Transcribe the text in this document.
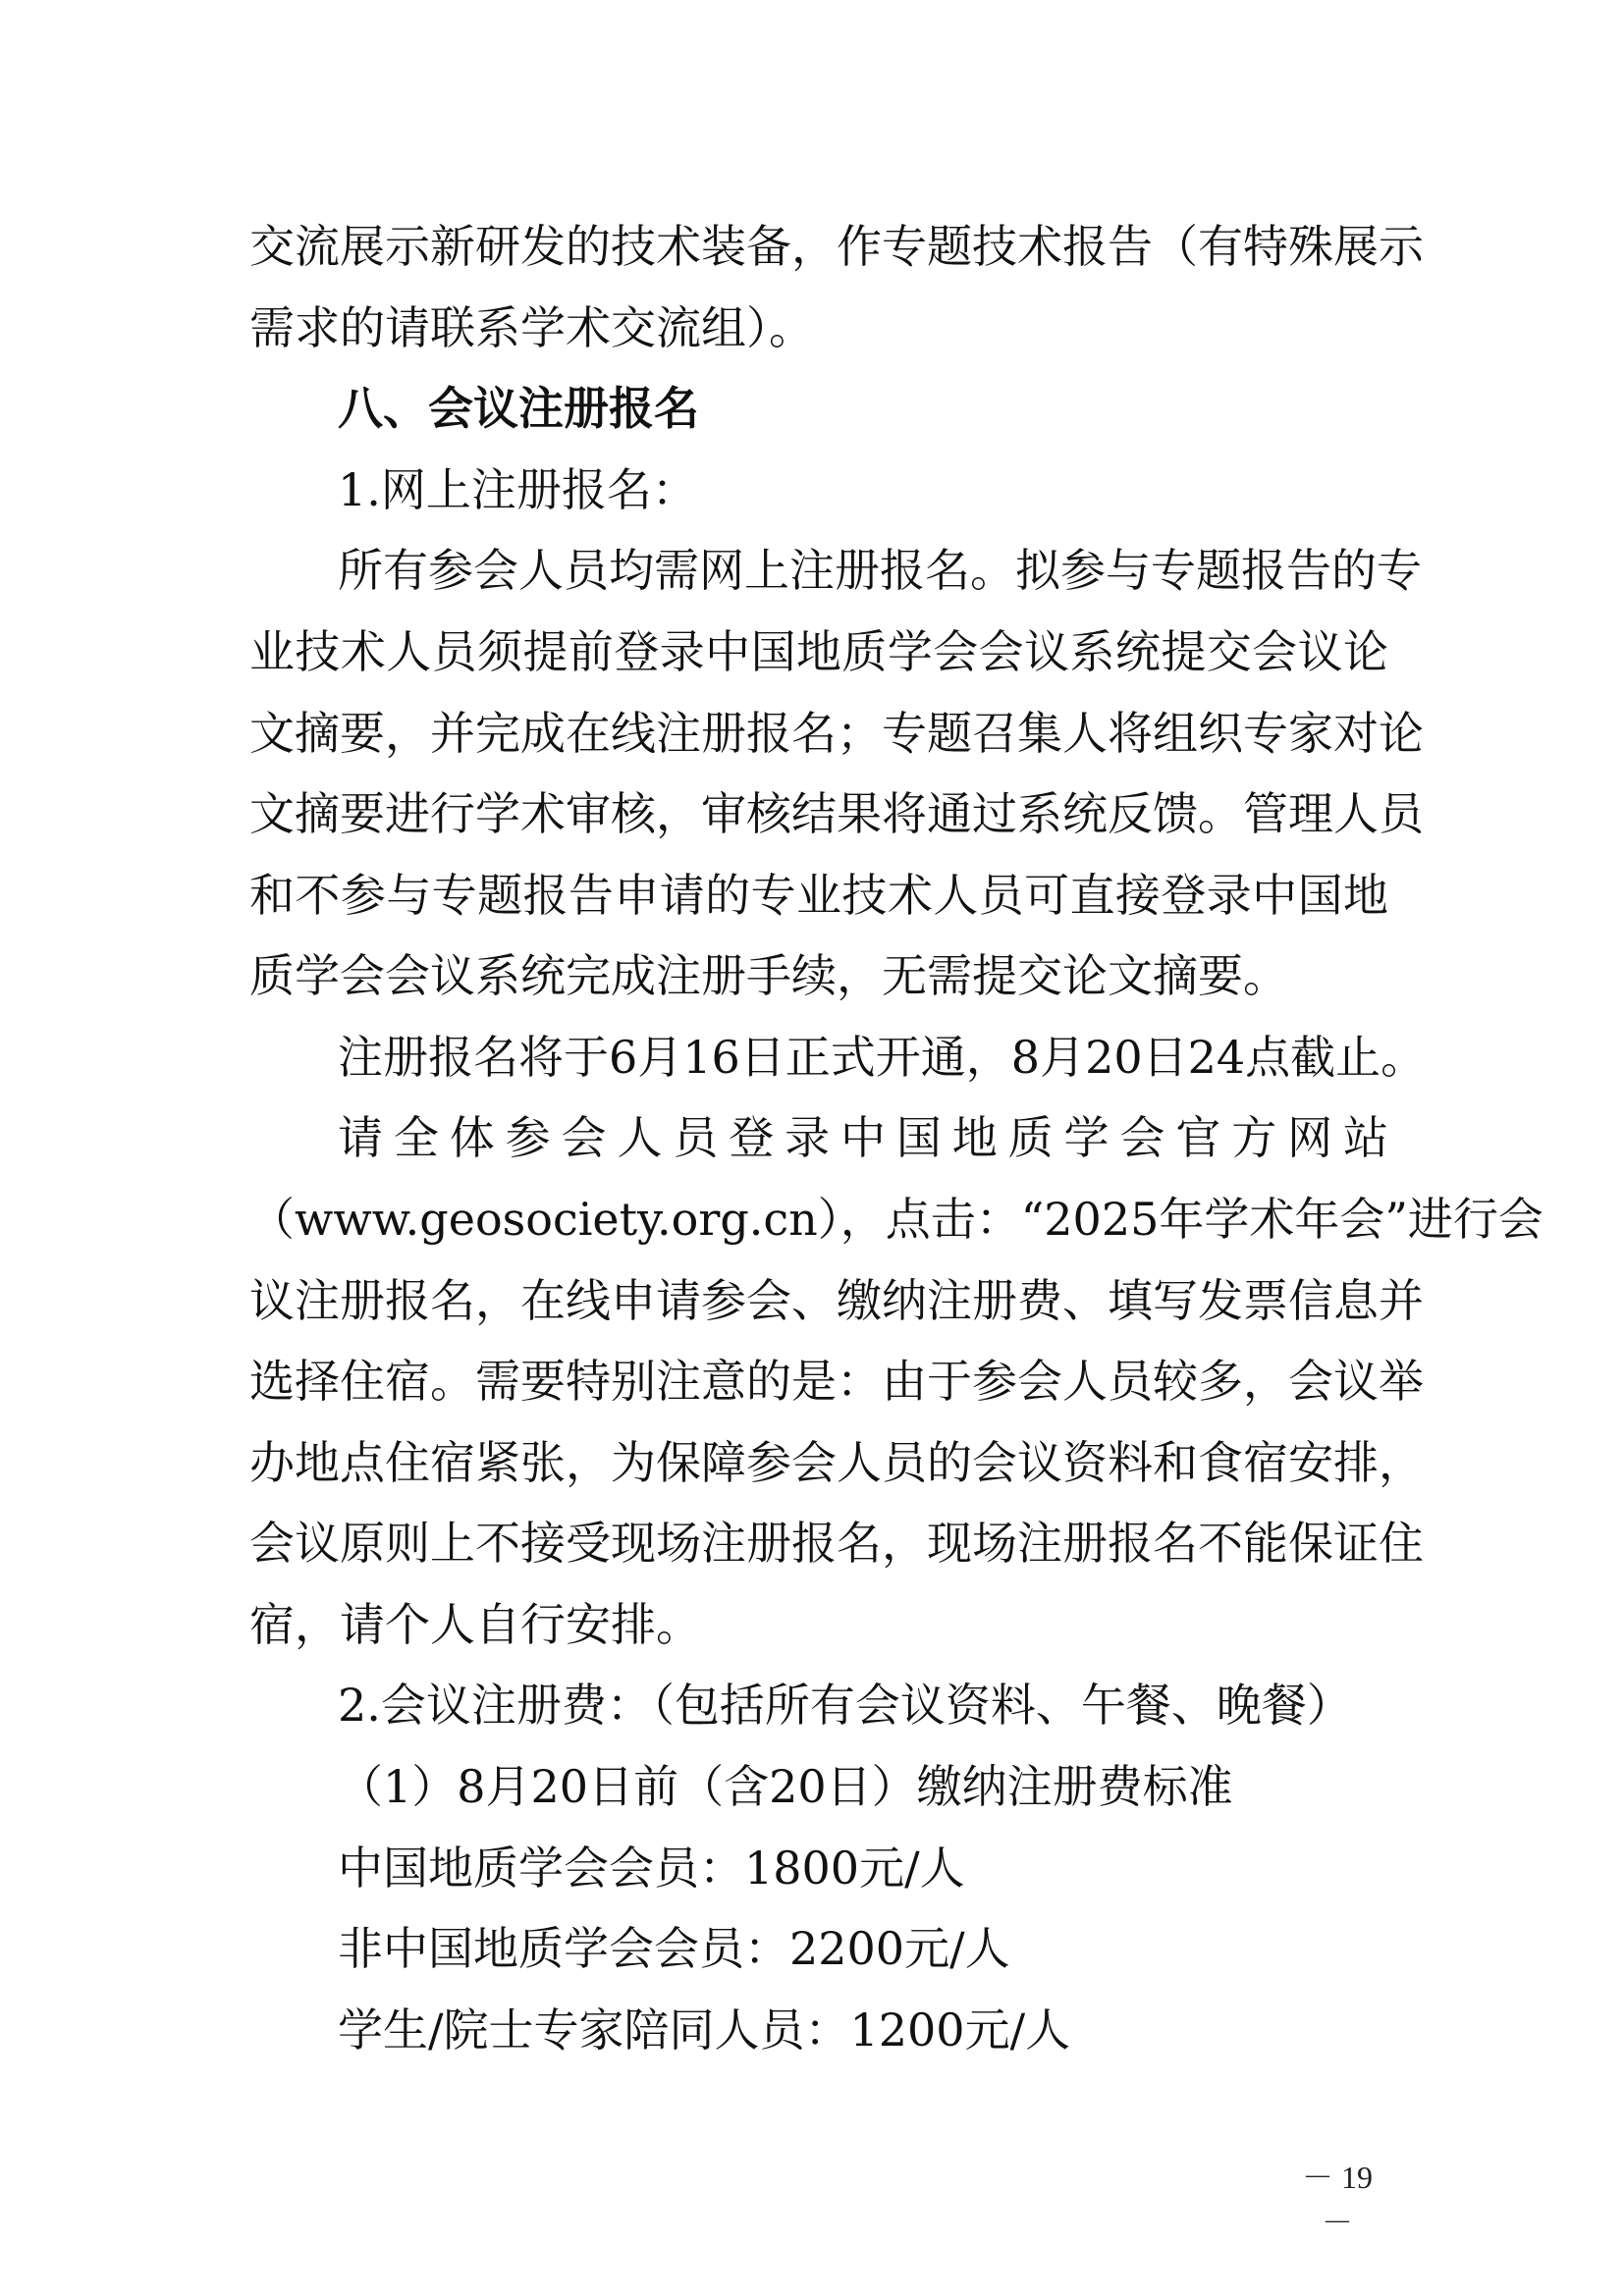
交流展示新研发的技术装备，作专题技术报告（有特殊展示
需求的请联系学术交流组）。
八、会议注册报名
1.网上注册报名：
所有参会人员均需网上注册报名。拟参与专题报告的专
业技术人员须提前登录中国地质学会会议系统提交会议论
文摘要，并完成在线注册报名；专题召集人将组织专家对论
文摘要进行学术审核，审核结果将通过系统反馈。管理人员
和不参与专题报告申请的专业技术人员可直接登录中国地
质学会会议系统完成注册手续，无需提交论文摘要。
注册报名将于6月16日正式开通，8月20日24点截止。
请全体参会人员登录中国地质学会官方网站
（www.geosociety.org.cn），点击：“2025年学术年会”进行会
议注册报名，在线申请参会、缴纳注册费、填写发票信息并
选择住宿。需要特别注意的是：由于参会人员较多，会议举
办地点住宿紧张，为保障参会人员的会议资料和食宿安排，
会议原则上不接受现场注册报名，现场注册报名不能保证住
宿，请个人自行安排。
2.会议注册费：（包括所有会议资料、午餐、晚餐）
（1）8月20日前（含20日）缴纳注册费标准
中国地质学会会员：1800元/人
非中国地质学会会员：2200元/人
学生/院士专家陪同人员：1200元/人
－ 19 －
